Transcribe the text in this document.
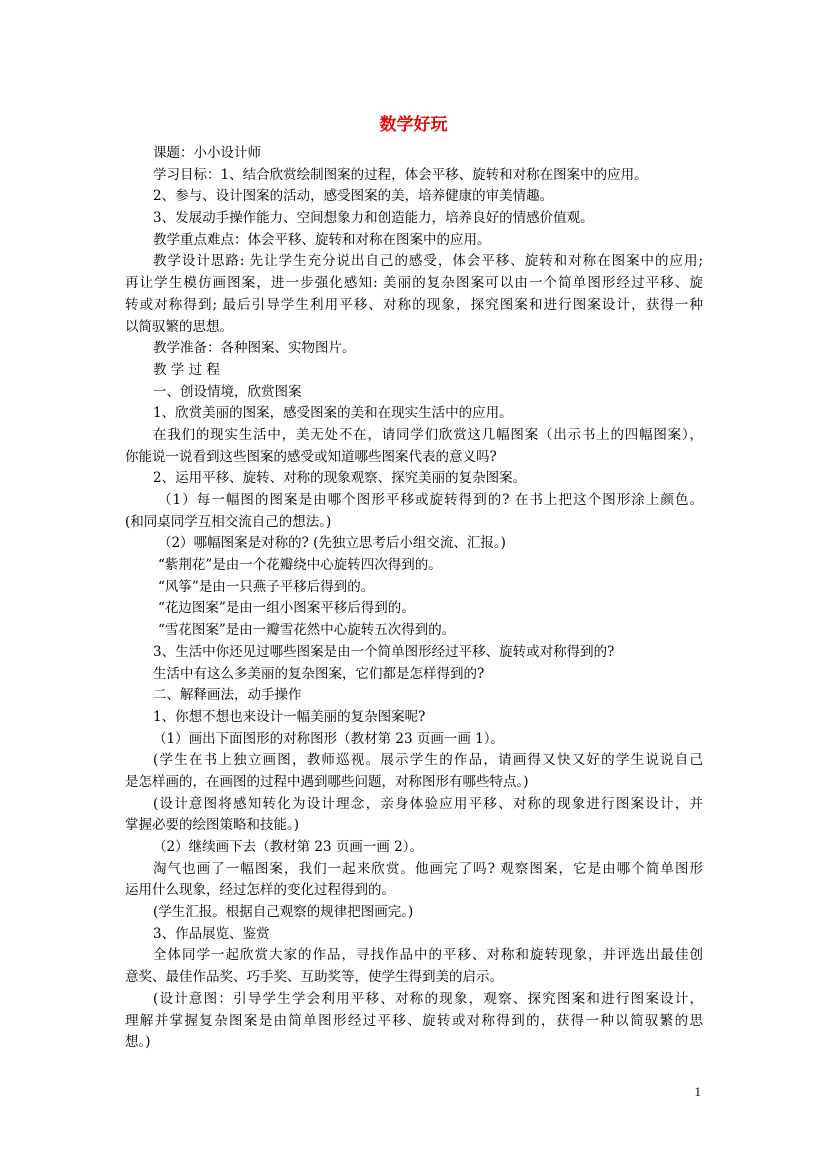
数学好玩
课题：小小设计师
学习目标：1、结合欣赏绘制图案的过程，体会平移、旋转和对称在图案中的应用。
2、参与、设计图案的活动，感受图案的美，培养健康的审美情趣。
3、发展动手操作能力、空间想象力和创造能力，培养良好的情感价值观。
教学重点难点：体会平移、旋转和对称在图案中的应用。
教学设计思路: 先让学生充分说出自己的感受，体会平移、旋转和对称在图案中的应用;
再让学生模仿画图案，进一步强化感知: 美丽的复杂图案可以由一个简单图形经过平移、旋
转或对称得到; 最后引导学生利用平移、对称的现象，探究图案和进行图案设计，获得一种
以简驭繁的思想。
教学准备：各种图案、实物图片。
教 学 过 程
一、创设情境，欣赏图案
1、欣赏美丽的图案，感受图案的美和在现实生活中的应用。
在我们的现实生活中，美无处不在，请同学们欣赏这几幅图案（出示书上的四幅图案），
你能说一说看到这些图案的感受或知道哪些图案代表的意义吗?
2、运用平移、旋转、对称的现象观察、探究美丽的复杂图案。
（1）每一幅图的图案是由哪个图形平移或旋转得到的? 在书上把这个图形涂上颜色。
(和同桌同学互相交流自己的想法。)
（2）哪幅图案是对称的? (先独立思考后小组交流、汇报。)
“紫荆花”是由一个花瓣绕中心旋转四次得到的。
“风筝”是由一只燕子平移后得到的。
“花边图案”是由一组小图案平移后得到的。
“雪花图案”是由一瓣雪花然中心旋转五次得到的。
3、生活中你还见过哪些图案是由一个简单图形经过平移、旋转或对称得到的?
生活中有这么多美丽的复杂图案，它们都是怎样得到的?
二、解释画法，动手操作
1、你想不想也来设计一幅美丽的复杂图案呢?
（1）画出下面图形的对称图形（教材第 23 页画一画 1）。
(学生在书上独立画图，教师巡视。展示学生的作品，请画得又快又好的学生说说自己
是怎样画的，在画图的过程中遇到哪些问题，对称图形有哪些特点。)
(设计意图将感知转化为设计理念，亲身体验应用平移、对称的现象进行图案设计，并
掌握必要的绘图策略和技能。)
（2）继续画下去（教材第 23 页画一画 2）。
淘气也画了一幅图案，我们一起来欣赏。他画完了吗? 观察图案，它是由哪个简单图形
运用什么现象，经过怎样的变化过程得到的。
(学生汇报。根据自己观察的规律把图画完。)
3、作品展览、鉴赏
全体同学一起欣赏大家的作品，寻找作品中的平移、对称和旋转现象，并评选出最佳创
意奖、最佳作品奖、巧手奖、互助奖等，使学生得到美的启示。
(设计意图：引导学生学会利用平移、对称的现象，观察、探究图案和进行图案设计，
理解并掌握复杂图案是由简单图形经过平移、旋转或对称得到的，获得一种以简驭繁的思
想。)
1
